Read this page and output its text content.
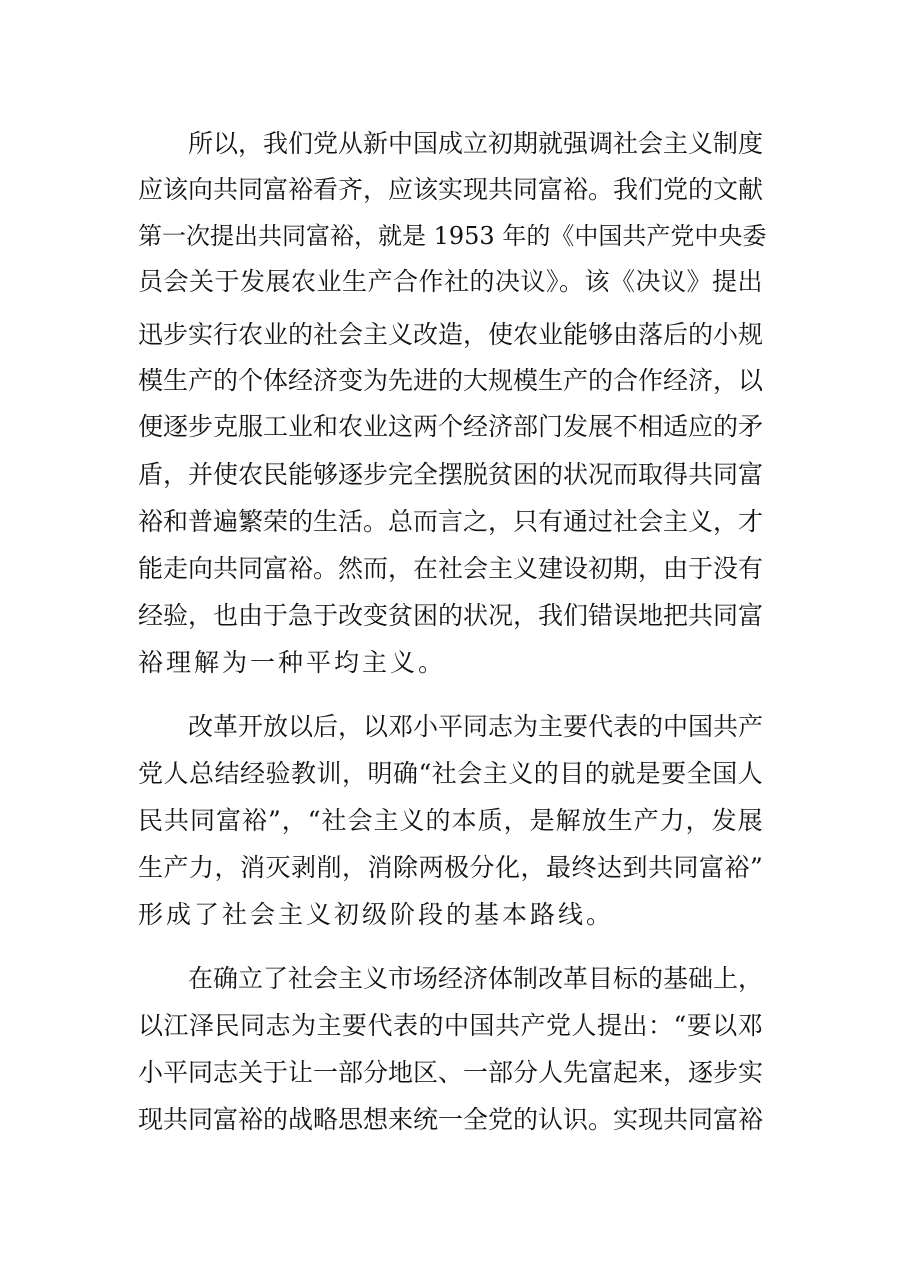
所以，我们党从新中国成立初期就强调社会主义制度
应该向共同富裕看齐，应该实现共同富裕。我们党的文献
第一次提出共同富裕，就是 1953 年的《中国共产党中央委
员会关于发展农业生产合作社的决议》。该《决议》提出
迅步实行农业的社会主义改造，使农业能够由落后的小规
模生产的个体经济变为先进的大规模生产的合作经济，以
便逐步克服工业和农业这两个经济部门发展不相适应的矛
盾，并使农民能够逐步完全摆脱贫困的状况而取得共同富
裕和普遍繁荣的生活。总而言之，只有通过社会主义，才
能走向共同富裕。然而，在社会主义建设初期，由于没有
经验，也由于急于改变贫困的状况，我们错误地把共同富
裕理解为一种平均主义。
改革开放以后，以邓小平同志为主要代表的中国共产
党人总结经验教训，明确“社会主义的目的就是要全国人
民共同富裕”，“社会主义的本质，是解放生产力，发展
生产力，消灭剥削，消除两极分化，最终达到共同富裕”
形成了社会主义初级阶段的基本路线。
在确立了社会主义市场经济体制改革目标的基础上，
以江泽民同志为主要代表的中国共产党人提出：“要以邓
小平同志关于让一部分地区、一部分人先富起来，逐步实
现共同富裕的战略思想来统一全党的认识。实现共同富裕
